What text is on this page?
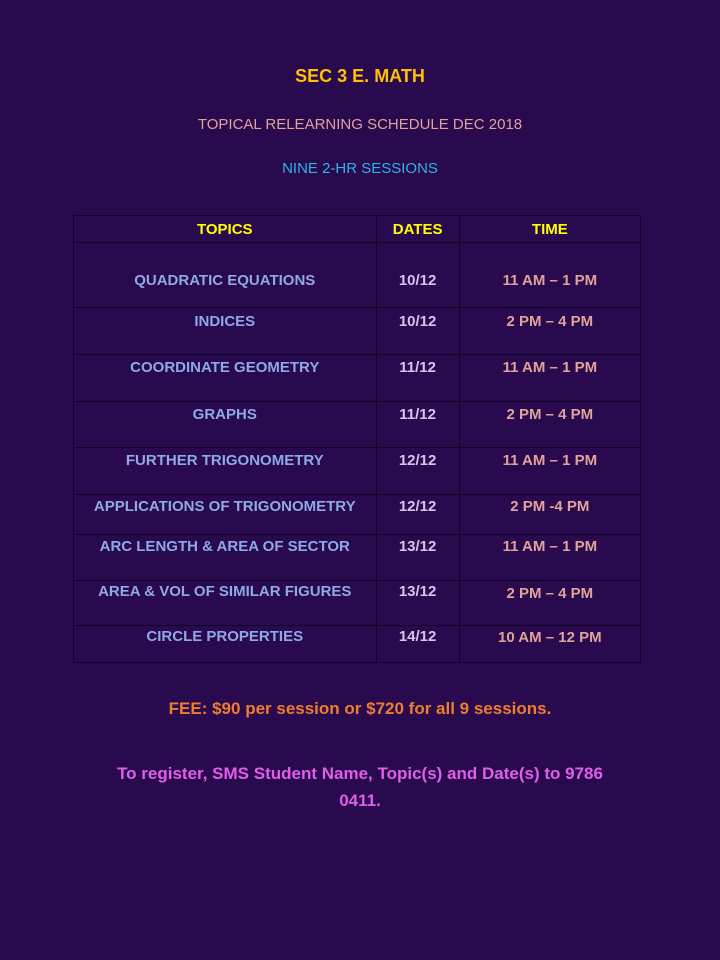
SEC 3 E. MATH
TOPICAL RELEARNING SCHEDULE DEC 2018
NINE 2-HR SESSIONS
TOPICS	DATES	TIME
QUADRATIC EQUATIONS	10/12	11 AM – 1 PM
INDICES	10/12	2 PM – 4 PM
COORDINATE GEOMETRY	11/12	11 AM – 1 PM
GRAPHS	11/12	2 PM – 4 PM
FURTHER TRIGONOMETRY	12/12	11 AM – 1 PM
APPLICATIONS OF TRIGONOMETRY	12/12	2 PM -4 PM
ARC LENGTH & AREA OF SECTOR	13/12	11 AM – 1 PM
AREA & VOL OF SIMILAR FIGURES	13/12	2 PM – 4 PM
CIRCLE PROPERTIES	14/12	10 AM – 12 PM
FEE: $90 per session or $720 for all 9 sessions.
To register, SMS Student Name, Topic(s) and Date(s) to 9786 0411.
